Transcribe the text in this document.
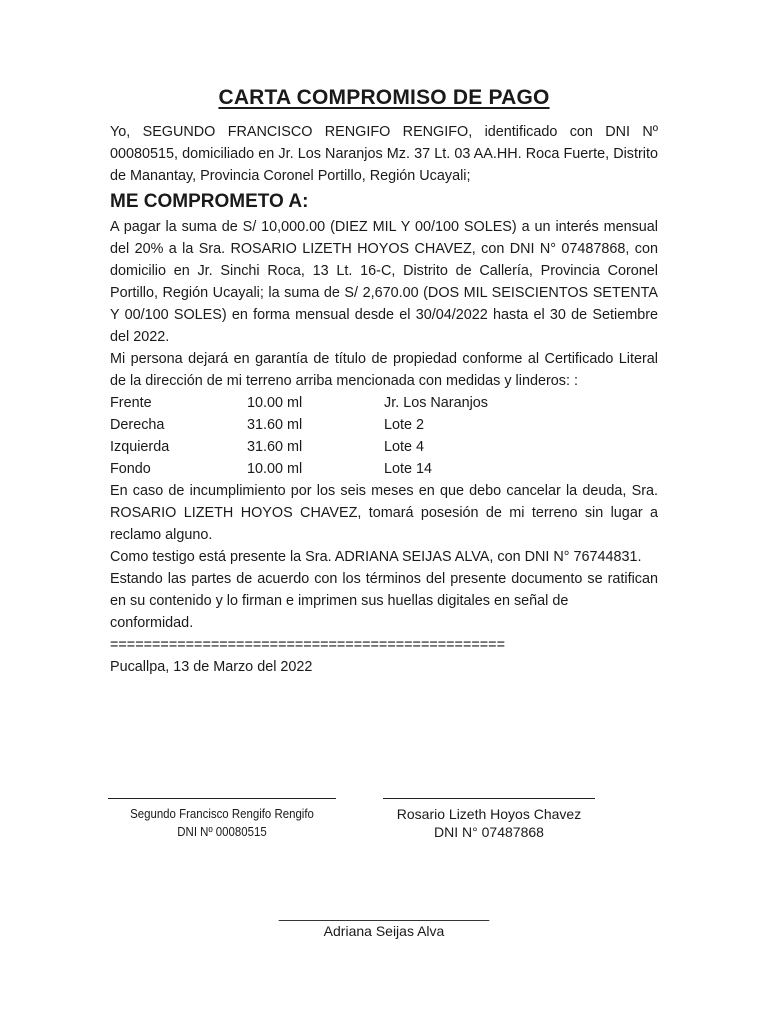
CARTA COMPROMISO DE PAGO

Yo, SEGUNDO FRANCISCO RENGIFO RENGIFO, identificado con DNI Nº 00080515, domiciliado en Jr. Los Naranjos Mz. 37 Lt. 03 AA.HH. Roca Fuerte, Distrito de Manantay, Provincia Coronel Portillo, Región Ucayali;

ME COMPROMETO A:

A pagar la suma de S/ 10,000.00 (DIEZ MIL Y 00/100 SOLES) a un interés mensual del 20% a la Sra. ROSARIO LIZETH HOYOS CHAVEZ, con DNI N° 07487868, con domicilio en Jr. Sinchi Roca, 13 Lt. 16-C, Distrito de Callería, Provincia Coronel Portillo, Región Ucayali; la suma de S/ 2,670.00 (DOS MIL SEISCIENTOS SETENTA Y 00/100 SOLES) en forma mensual desde el 30/04/2022 hasta el 30 de Setiembre del 2022.

Mi persona dejará en garantía de título de propiedad conforme al Certificado Literal de la dirección de mi terreno arriba mencionada con medidas y linderos: :

Frente	10.00 ml	Jr. Los Naranjos
Derecha	31.60 ml	Lote 2
Izquierda	31.60 ml	Lote 4
Fondo	10.00 ml	Lote 14

En caso de incumplimiento por los seis meses en que debo cancelar la deuda, Sra. ROSARIO LIZETH HOYOS CHAVEZ, tomará posesión de mi terreno sin lugar a reclamo alguno.

Como testigo está presente la Sra. ADRIANA SEIJAS ALVA, con DNI N° 76744831.

Estando las partes de acuerdo con los términos del presente documento se ratifican en su contenido y lo firman e imprimen sus huellas digitales en señal de

conformidad.

===============================================

Pucallpa, 13 de Marzo del 2022

Segundo Francisco Rengifo Rengifo
DNI Nº 00080515
Rosario Lizeth Hoyos Chavez
DNI N° 07487868
___________________________
Adriana Seijas Alva
